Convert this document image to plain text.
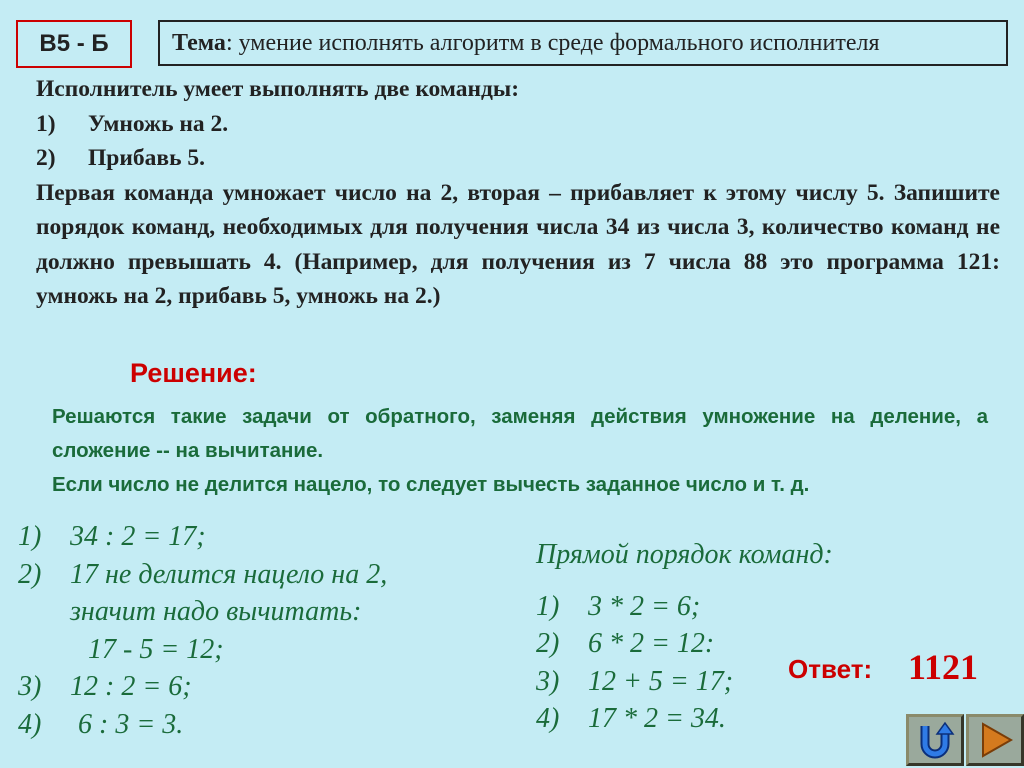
В5 - Б	Тема : умение исполнять алгоритм в среде формального исполнителя
Исполнитель умеет выполнять две команды:
1) Умножь на 2.
2) Прибавь 5.
Первая команда умножает число на 2, вторая – прибавляет к этому числу 5. Запишите порядок команд, необходимых для получения числа 34 из числа 3, количество команд не должно превышать 4. (Например, для получения из 7 числа 88 это программа 121: умножь на 2, прибавь 5, умножь на 2.)
Решение:
Решаются такие задачи от обратного, заменяя действия умножение на деление, а сложение -- на вычитание.
Если число не делится нацело, то следует вычесть заданное число и т. д.
1) 34 : 2 = 17;
2) 17 не делится нацело на 2,
значит надо вычитать:
17 - 5 = 12;
3) 12 : 2 = 6;
4) 6 : 3 = 3.
Прямой порядок команд:
1) 3 * 2 = 6;
2) 6 * 2 = 12:
3) 12 + 5 = 17;
4) 17 * 2 = 34.
Ответ: 1121
